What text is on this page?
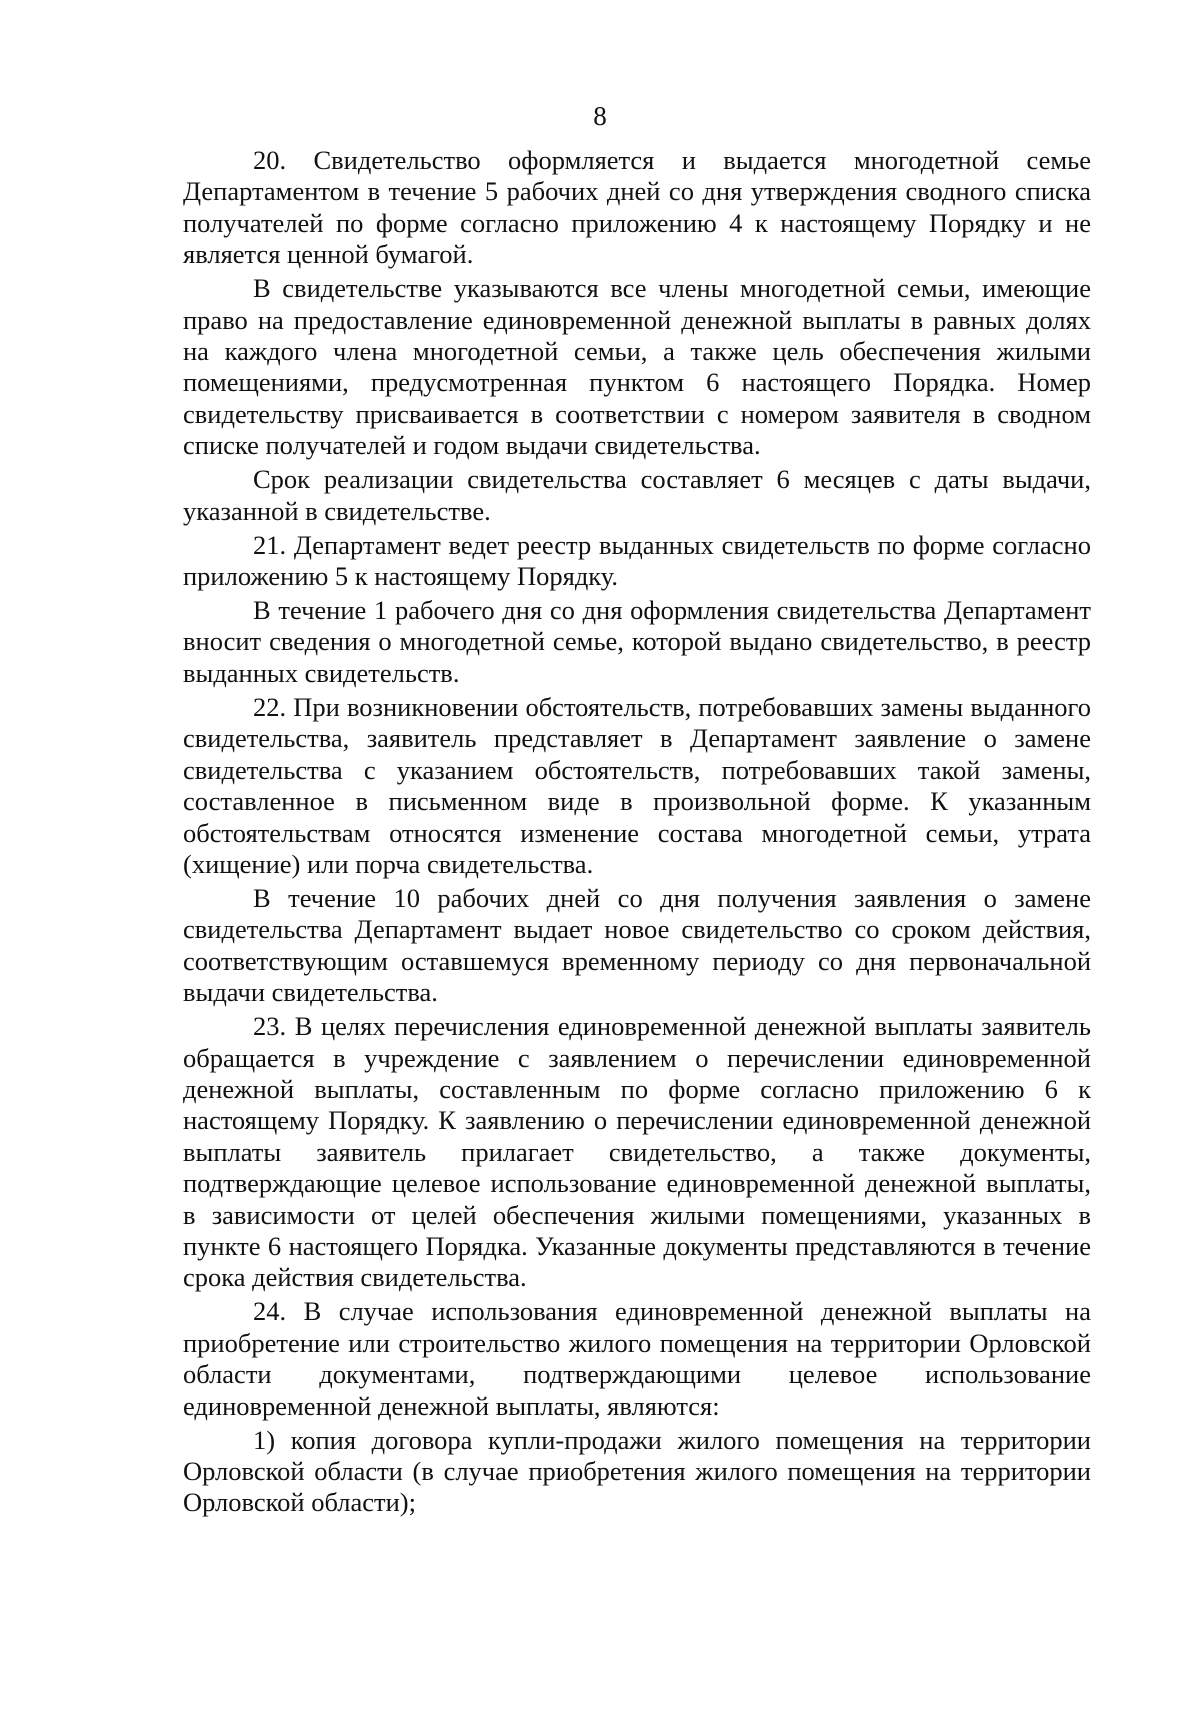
8

20. Свидетельство оформляется и выдается многодетной семье Департаментом в течение 5 рабочих дней со дня утверждения сводного списка получателей по форме согласно приложению 4 к настоящему Порядку и не является ценной бумагой.

В свидетельстве указываются все члены многодетной семьи, имеющие право на предоставление единовременной денежной выплаты в равных долях на каждого члена многодетной семьи, а также цель обеспечения жилыми помещениями, предусмотренная пунктом 6 настоящего Порядка. Номер свидетельству присваивается в соответствии с номером заявителя в сводном списке получателей и годом выдачи свидетельства.

Срок реализации свидетельства составляет 6 месяцев с даты выдачи, указанной в свидетельстве.

21. Департамент ведет реестр выданных свидетельств по форме согласно приложению 5 к настоящему Порядку.

В течение 1 рабочего дня со дня оформления свидетельства Департамент вносит сведения о многодетной семье, которой выдано свидетельство, в реестр выданных свидетельств.

22. При возникновении обстоятельств, потребовавших замены выданного свидетельства, заявитель представляет в Департамент заявление о замене свидетельства с указанием обстоятельств, потребовавших такой замены, составленное в письменном виде в произвольной форме. К указанным обстоятельствам относятся изменение состава многодетной семьи, утрата (хищение) или порча свидетельства.

В течение 10 рабочих дней со дня получения заявления о замене свидетельства Департамент выдает новое свидетельство со сроком действия, соответствующим оставшемуся временному периоду со дня первоначальной выдачи свидетельства.

23. В целях перечисления единовременной денежной выплаты заявитель обращается в учреждение с заявлением о перечислении единовременной денежной выплаты, составленным по форме согласно приложению 6 к настоящему Порядку. К заявлению о перечислении единовременной денежной выплаты заявитель прилагает свидетельство, а также документы, подтверждающие целевое использование единовременной денежной выплаты, в зависимости от целей обеспечения жилыми помещениями, указанных в пункте 6 настоящего Порядка. Указанные документы представляются в течение срока действия свидетельства.

24. В случае использования единовременной денежной выплаты на приобретение или строительство жилого помещения на территории Орловской области документами, подтверждающими целевое использование единовременной денежной выплаты, являются:

1) копия договора купли-продажи жилого помещения на территории Орловской области (в случае приобретения жилого помещения на территории Орловской области);
